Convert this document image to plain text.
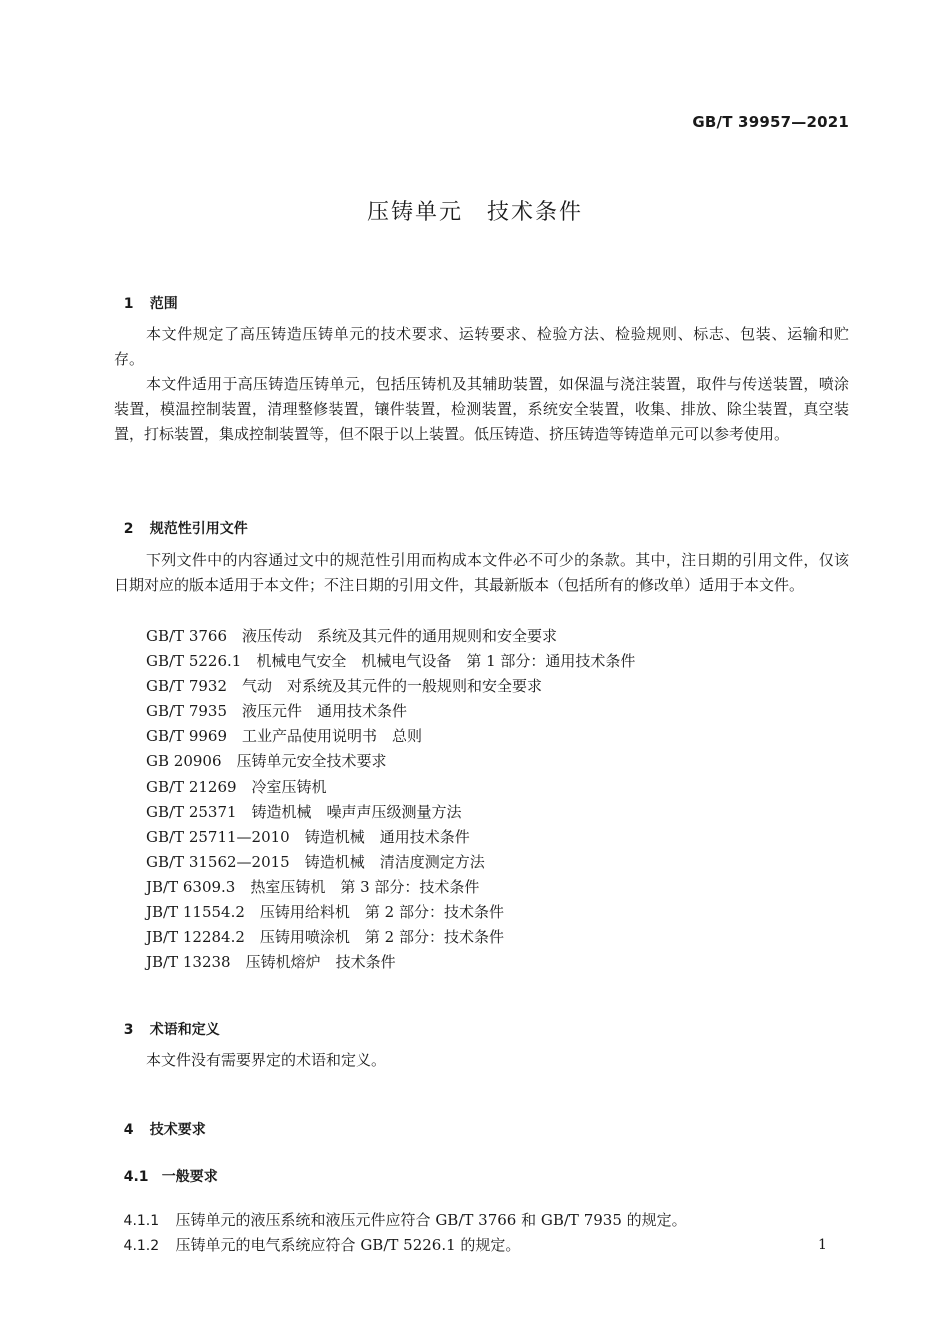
GB/T 39957—2021
压铸单元　技术条件

1 范围

本文件规定了高压铸造压铸单元的技术要求、运转要求、检验方法、检验规则、标志、包装、运输和贮存。

本文件适用于高压铸造压铸单元，包括压铸机及其辅助装置，如保温与浇注装置，取件与传送装置，喷涂装置，模温控制装置，清理整修装置，镶件装置，检测装置，系统安全装置，收集、排放、除尘装置，真空装置，打标装置，集成控制装置等，但不限于以上装置。低压铸造、挤压铸造等铸造单元可以参考使用。

2 规范性引用文件

下列文件中的内容通过文中的规范性引用而构成本文件必不可少的条款。其中，注日期的引用文件，仅该日期对应的版本适用于本文件；不注日期的引用文件，其最新版本（包括所有的修改单）适用于本文件。

GB/T 3766　液压传动　系统及其元件的通用规则和安全要求
GB/T 5226.1　机械电气安全　机械电气设备　第 1 部分：通用技术条件
GB/T 7932　气动　对系统及其元件的一般规则和安全要求
GB/T 7935　液压元件　通用技术条件
GB/T 9969　工业产品使用说明书　总则
GB 20906　压铸单元安全技术要求
GB/T 21269　冷室压铸机
GB/T 25371　铸造机械　噪声声压级测量方法
GB/T 25711—2010　铸造机械　通用技术条件
GB/T 31562—2015　铸造机械　清洁度测定方法
JB/T 6309.3　热室压铸机　第 3 部分：技术条件
JB/T 11554.2　压铸用给料机　第 2 部分：技术条件
JB/T 12284.2　压铸用喷涂机　第 2 部分：技术条件
JB/T 13238　压铸机熔炉　技术条件

3 术语和定义

本文件没有需要界定的术语和定义。

4 技术要求

4.1 一般要求

4.1.1 压铸单元的液压系统和液压元件应符合 GB/T 3766 和 GB/T 7935 的规定。

4.1.2 压铸单元的电气系统应符合 GB/T 5226.1 的规定。	1
